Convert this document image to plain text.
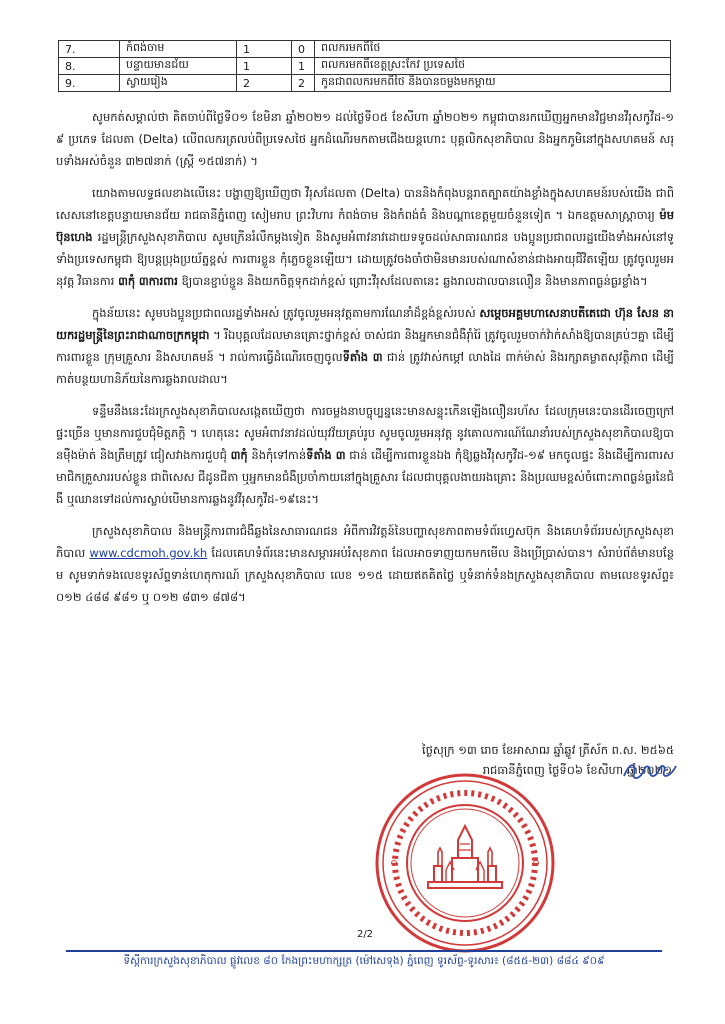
7.	កំពង់ចាម	1	0	ពលករមកពីថៃ
8.	បន្ទាយមានជ័យ	1	1	ពលករមកពីខេត្តស្រះកែវ ប្រទេសថៃ
9.	ស្វាយរៀង	2	2	កូនជាពលករមកពីថៃ និងបានចម្លងមកម្ដាយ

សូមកត់សម្គាល់ថា គិតចាប់ពីថ្ងៃទី០១ ខែមិនា ឆ្នាំ២០២១ ដល់ថ្ងៃទី០៥ ខែសីហា ឆ្នាំ២០២១ កម្ពុជាបានរកឃើញអ្នកមានវិជ្ជមានវីរុសកូវីដ-១៩ ប្រភេទ ដែលតា (Delta) លើពលករត្រលប់ពីប្រទេសថៃ អ្នកដំណើរមកតាមជើងយន្តហោះ បុគ្គលិកសុខាភិបាល និងអ្នកភូមិនៅក្នុងសហគមន៍ សរុបទាំងអស់ចំនួន ៣២៧នាក់ (ស្ត្រី ១៥៧នាក់) ។

យោងតាមលទ្ធផលខាងលើនេះ បង្ហាញឱ្យឃើញថា វីរុសដែលតា (Delta) បាននិងកំពុងបន្តរាតត្បាតយ៉ាងខ្លាំងក្នុងសហគមន៍របស់យើង ជាពិសេសនៅខេត្តបន្ទាយមានជ័យ រាជធានីភ្នំពេញ សៀមរាប ព្រះវិហារ កំពង់ចាម និងកំពង់ធំ និងបណ្ដាខេត្តមួយចំនួនទៀត ។ ឯកឧត្តមសាស្ត្រាចារ្យ ម៉ម ប៊ុនហេង រដ្ឋមន្ត្រីក្រសួងសុខាភិបាល សូមក្រើនរំលឹកម្ដងទៀត និងសូមអំពាវនាវដោយទទូចដល់សាធារណជន បងប្អូនប្រជាពលរដ្ឋយើងទាំងអស់នៅទូទាំងប្រទេសកម្ពុជា ឱ្យបន្តប្រុងប្រយ័ត្នខ្ពស់ ការពារខ្លួន កុំភ្លេចខ្លួនឡើយ។ ដោយត្រូវចងចាំថាមិនមានរបស់ណាសំខាន់ជាងអាយុជីវិតឡើយ ត្រូវចូលរួមអនុវត្ត វិធានការ ៣កុំ ៣ការពារ ឱ្យបានខ្ជាប់ខ្ជួន និងយកចិត្តទុកដាក់ខ្ពស់ ព្រោះវីរុសដែលតានេះ ឆ្លងរាលដាលបានលឿន និងមានភាពធ្ងន់ធ្ងរខ្លាំង។

ក្នុងន័យនេះ សូមបងប្អូនប្រជាពលរដ្ឋទាំងអស់ ត្រូវចូលរួមអនុវត្តតាមការណែនាំដ៏ខ្ពង់ខ្ពស់របស់ សម្ដេចអគ្គមហាសេនាបតីតេជោ ហ៊ុន សែន នាយករដ្ឋមន្ត្រីនៃព្រះរាជាណាចក្រកម្ពុជា ។ រីឯបុគ្គលដែលមានគ្រោះថ្នាក់ខ្ពស់ ចាស់ជរា និងអ្នកមានជំងឺរ៉ាំរ៉ៃ ត្រូវចូលរួមចាក់វ៉ាក់សាំងឱ្យបានគ្រប់ៗគ្នា ដើម្បីការពារខ្លួន ក្រុមគ្រួសារ និងសហគមន៍ ។ រាល់ការធ្វើដំណើរចេញចូលទីតាំង ៣ ជាន់ ត្រូវវាស់កម្ដៅ លាងដៃ ពាក់ម៉ាស់ និងរក្សាគម្លាតសុវត្ថិភាព ដើម្បីកាត់បន្ថយហានិភ័យនៃការឆ្លងរាលដាល។

ទន្ទឹមនឹងនេះដែរក្រសួងសុខាភិបាលសង្កេតឃើញថា ការចម្លងនាបច្ចុប្បន្ននេះមានសន្ទុះកើនឡើងលឿនរហ័ស ដែលក្រុមនេះបានដើរចេញក្រៅផ្ទះច្រើន ឬមានការជួបជុំមិត្តភក្ដិ ។ ហេតុនេះ សូមអំពាវនាវដល់យុវវ័យគ្រប់រូប សូមចូលរួមអនុវត្ត នូវគោលការណ៍ណែនាំរបស់ក្រសួងសុខាភិបាលឱ្យបានម៉ឺងម៉ាត់ និងត្រឹមត្រូវ ជៀសវាងការជួបជុំ ៣កុំ និងកុំទៅកាន់ទីតាំង ៣ ជាន់ ដើម្បីការពារខ្លួនឯង កុំឱ្យឆ្លងវីរុសកូវីដ-១៩ មកចូលផ្ទះ និងដើម្បីការពារសមាជិកគ្រួសាររបស់ខ្លួន ជាពិសេស ជីដូនជីតា ឬអ្នកមានជំងឺប្រចាំកាយនៅក្នុងគ្រួសារ ដែលជាបុគ្គលងាយរងគ្រោះ និងប្រឈមខ្ពស់ចំពោះភាពធ្ងន់ធ្ងរនៃជំងឺ ឬឈានទៅដល់ការស្លាប់បើមានការឆ្លងនូវវីរុសកូវីដ-១៩នេះ។

ក្រសួងសុខាភិបាល និងមន្ត្រីការពារជំងឺឆ្លងនៃសាធារណជន អំពីការវិវត្តន៍នៃបញ្ហាសុខភាពតាមទំព័រហ្វេសប៊ុក និងគេហទំព័ររបស់ក្រសួងសុខាភិបាល www.cdcmoh.gov.kh ដែលគេហទំព័រនេះមានសម្ភារអប់រំសុខភាព ដែលអាចទាញយកមកមើល និងប្រើប្រាស់បាន។ សំរាប់ព័ត៌មានបន្ថែម សូមទាក់ទងលេខទូរស័ព្ទទាន់ហេតុការណ៍ ក្រសួងសុខាភិបាល លេខ ១១៥ ដោយឥតគិតថ្លៃ ឬទំនាក់ទំនងក្រសួងសុខាភិបាល តាមលេខទូរស័ព្ទ៖ ០១២ ៤៨៨ ៩៨១ ឬ ០១២ ៨៣១ ៨៧៨។

ថ្ងៃសុក្រ ១៣ រោច ខែអាសាឍ ឆ្នាំឆ្លូវ ត្រីស័ក ព.ស. ២៥៦៥
រាជធានីភ្នំពេញ ថ្ងៃទី០៦ ខែសីហា ឆ្នាំ២០២១
2/2
ទីស្តីការក្រសួងសុខាភិបាល ផ្លូវលេខ ៨០ កែងព្រះមហាក្សត្រ (ម៉ៅសេទុង) ភ្នំពេញ ទូរស័ព្ទ-ទូរសារ៖ (៨៥៥-២៣) ៨៨៤ ៩០៩
